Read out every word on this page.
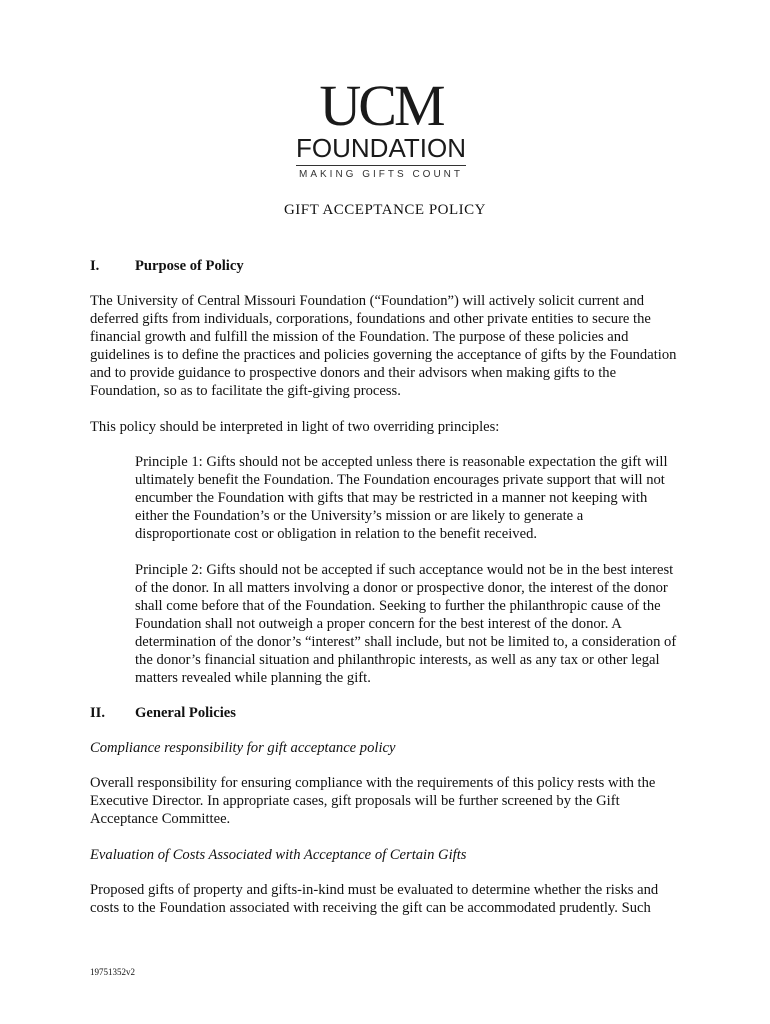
UCM
FOUNDATION
MAKING GIFTS COUNT
GIFT ACCEPTANCE POLICY
I. Purpose of Policy
The University of Central Missouri Foundation (“Foundation”) will actively solicit current and deferred gifts from individuals, corporations, foundations and other private entities to secure the financial growth and fulfill the mission of the Foundation. The purpose of these policies and guidelines is to define the practices and policies governing the acceptance of gifts by the Foundation and to provide guidance to prospective donors and their advisors when making gifts to the Foundation, so as to facilitate the gift-giving process.
This policy should be interpreted in light of two overriding principles:
Principle 1: Gifts should not be accepted unless there is reasonable expectation the gift will ultimately benefit the Foundation. The Foundation encourages private support that will not encumber the Foundation with gifts that may be restricted in a manner not keeping with either the Foundation’s or the University’s mission or are likely to generate a disproportionate cost or obligation in relation to the benefit received.
Principle 2: Gifts should not be accepted if such acceptance would not be in the best interest of the donor. In all matters involving a donor or prospective donor, the interest of the donor shall come before that of the Foundation. Seeking to further the philanthropic cause of the Foundation shall not outweigh a proper concern for the best interest of the donor. A determination of the donor’s “interest” shall include, but not be limited to, a consideration of the donor’s financial situation and philanthropic interests, as well as any tax or other legal matters revealed while planning the gift.
II. General Policies
Compliance responsibility for gift acceptance policy
Overall responsibility for ensuring compliance with the requirements of this policy rests with the Executive Director. In appropriate cases, gift proposals will be further screened by the Gift Acceptance Committee.
Evaluation of Costs Associated with Acceptance of Certain Gifts
Proposed gifts of property and gifts-in-kind must be evaluated to determine whether the risks and costs to the Foundation associated with receiving the gift can be accommodated prudently. Such
19751352v2
